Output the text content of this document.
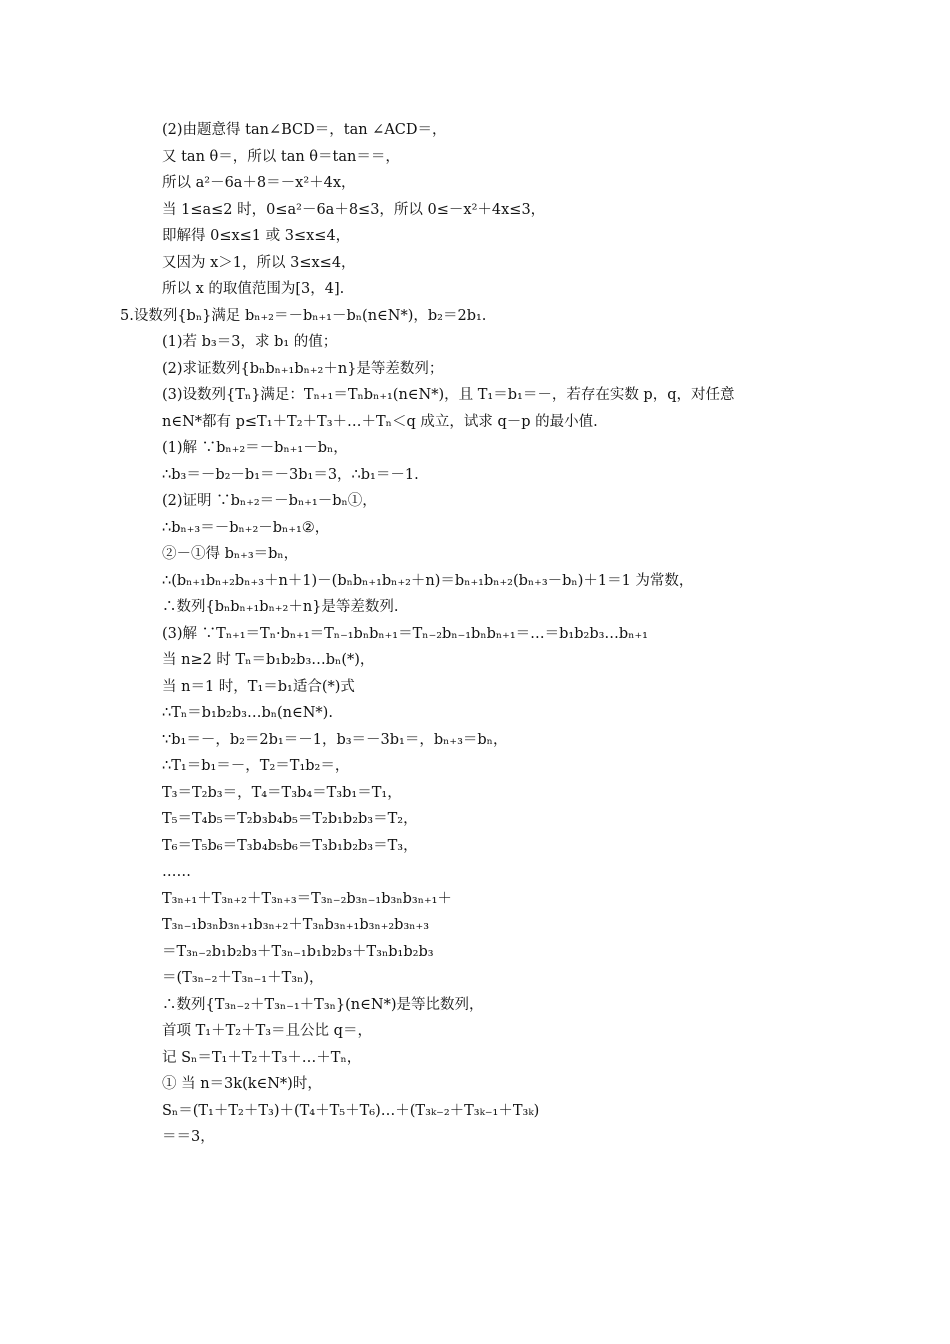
(2)由题意得 tan∠BCD＝，tan ∠ACD＝，
又 tan θ＝，所以 tan θ＝tan＝＝，
所以 a²－6a＋8＝－x²＋4x，
当 1≤a≤2 时，0≤a²－6a＋8≤3，所以 0≤－x²＋4x≤3，
即解得 0≤x≤1 或 3≤x≤4，
又因为 x＞1，所以 3≤x≤4，
所以 x 的取值范围为[3，4].
5.设数列{bₙ}满足 bₙ₊₂＝－bₙ₊₁－bₙ(n∈N*)，b₂＝2b₁.
(1)若 b₃＝3，求 b₁ 的值；
(2)求证数列{bₙbₙ₊₁bₙ₊₂＋n}是等差数列；
(3)设数列{Tₙ}满足：Tₙ₊₁＝Tₙbₙ₊₁(n∈N*)，且 T₁＝b₁＝－，若存在实数 p，q，对任意
n∈N*都有 p≤T₁＋T₂＋T₃＋…＋Tₙ＜q 成立，试求 q－p 的最小值.
(1)解 ∵bₙ₊₂＝－bₙ₊₁－bₙ，
∴b₃＝－b₂－b₁＝－3b₁＝3，∴b₁＝－1.
(2)证明 ∵bₙ₊₂＝－bₙ₊₁－bₙ①，
∴bₙ₊₃＝－bₙ₊₂－bₙ₊₁②，
②－①得 bₙ₊₃＝bₙ，
∴(bₙ₊₁bₙ₊₂bₙ₊₃＋n＋1)－(bₙbₙ₊₁bₙ₊₂＋n)＝bₙ₊₁bₙ₊₂(bₙ₊₃－bₙ)＋1＝1 为常数，
∴数列{bₙbₙ₊₁bₙ₊₂＋n}是等差数列.
(3)解 ∵Tₙ₊₁＝Tₙ·bₙ₊₁＝Tₙ₋₁bₙbₙ₊₁＝Tₙ₋₂bₙ₋₁bₙbₙ₊₁＝…＝b₁b₂b₃…bₙ₊₁
当 n≥2 时 Tₙ＝b₁b₂b₃…bₙ(*)，
当 n＝1 时，T₁＝b₁适合(*)式
∴Tₙ＝b₁b₂b₃…bₙ(n∈N*).
∵b₁＝－，b₂＝2b₁＝－1，b₃＝－3b₁＝，bₙ₊₃＝bₙ，
∴T₁＝b₁＝－，T₂＝T₁b₂＝，
T₃＝T₂b₃＝，T₄＝T₃b₄＝T₃b₁＝T₁，
T₅＝T₄b₅＝T₂b₃b₄b₅＝T₂b₁b₂b₃＝T₂，
T₆＝T₅b₆＝T₃b₄b₅b₆＝T₃b₁b₂b₃＝T₃，
……
T₃ₙ₊₁＋T₃ₙ₊₂＋T₃ₙ₊₃＝T₃ₙ₋₂b₃ₙ₋₁b₃ₙb₃ₙ₊₁＋
T₃ₙ₋₁b₃ₙb₃ₙ₊₁b₃ₙ₊₂＋T₃ₙb₃ₙ₊₁b₃ₙ₊₂b₃ₙ₊₃
＝T₃ₙ₋₂b₁b₂b₃＋T₃ₙ₋₁b₁b₂b₃＋T₃ₙb₁b₂b₃
＝(T₃ₙ₋₂＋T₃ₙ₋₁＋T₃ₙ)，
∴数列{T₃ₙ₋₂＋T₃ₙ₋₁＋T₃ₙ}(n∈N*)是等比数列，
首项 T₁＋T₂＋T₃＝且公比 q＝，
记 Sₙ＝T₁＋T₂＋T₃＋…＋Tₙ，
① 当 n＝3k(k∈N*)时，
Sₙ＝(T₁＋T₂＋T₃)＋(T₄＋T₅＋T₆)…＋(T₃ₖ₋₂＋T₃ₖ₋₁＋T₃ₖ)
＝＝3，
